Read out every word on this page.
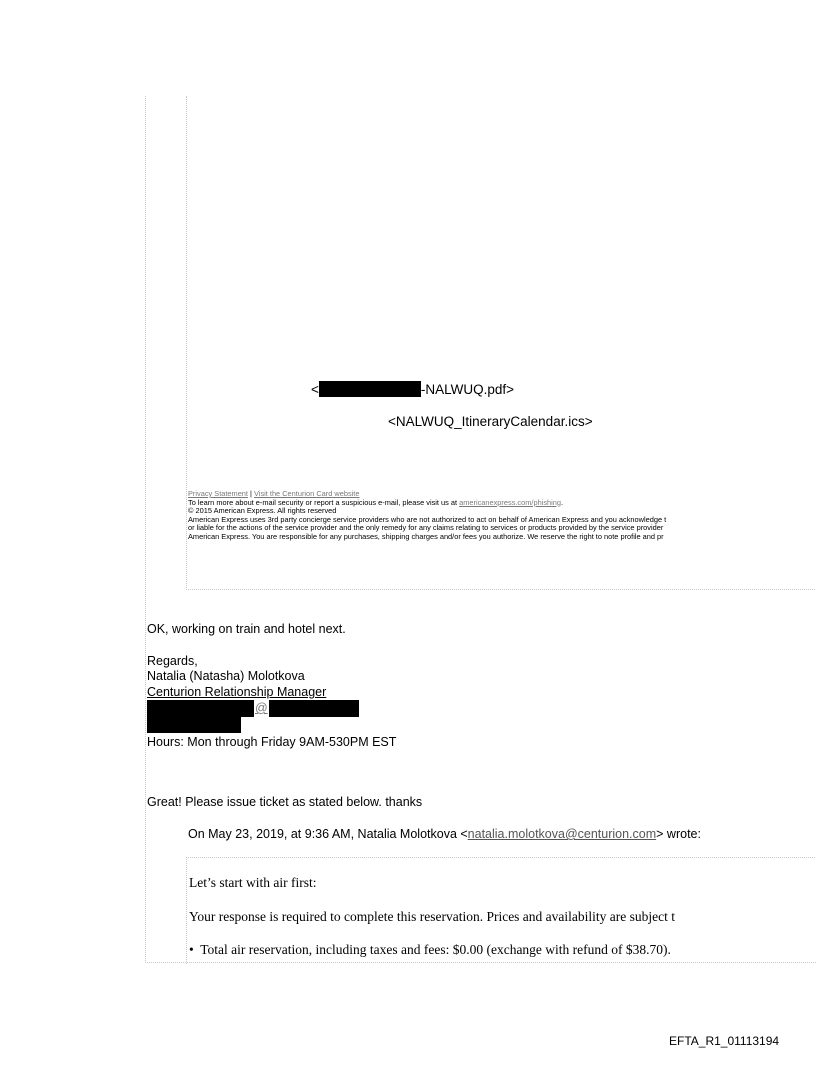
<	-NALWUQ.pdf>
<NALWUQ_ItineraryCalendar.ics>
Privacy Statement | Visit the Centurion Card website
To learn more about e-mail security or report a suspicious e-mail, please visit us at americanexpress.com/phishing.
© 2015 American Express. All rights reserved
American Express uses 3rd party concierge service providers who are not authorized to act on behalf of American Express and you acknowledge t
or liable for the actions of the service provider and the only remedy for any claims relating to services or products provided by the service provider
American Express. You are responsible for any purchases, shipping charges and/or fees you authorize. We reserve the right to note profile and pr
OK, working on train and hotel next.
Regards,
Natalia (Natasha) Molotkova
Centurion Relationship Manager
@
Hours: Mon through Friday 9AM-530PM EST
Great! Please issue ticket as stated below. thanks
On May 23, 2019, at 9:36 AM, Natalia Molotkova <natalia.molotkova@centurion.com> wrote:
Let’s start with air first:
Your response is required to complete this reservation. Prices and availability are subject t
• Total air reservation, including taxes and fees: $0.00 (exchange with refund of $38.70).
EFTA_R1_01113194
